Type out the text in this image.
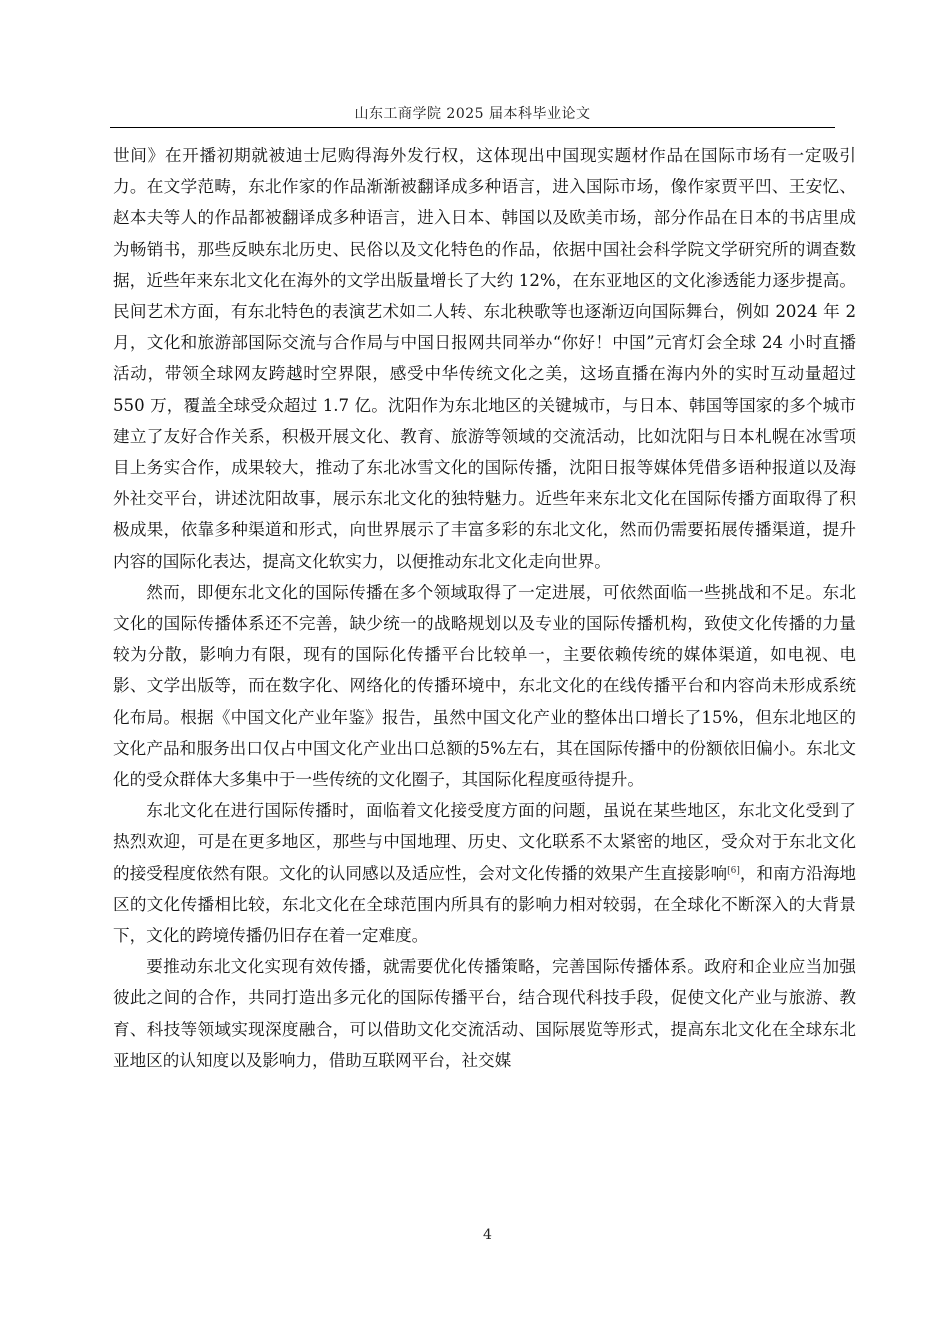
山东工商学院 2025 届本科毕业论文

世间》在开播初期就被迪士尼购得海外发行权，这体现出中国现实题材作品在国际市场有一定吸引力。在文学范畴，东北作家的作品渐渐被翻译成多种语言，进入国际市场，像作家贾平凹、王安忆、赵本夫等人的作品都被翻译成多种语言，进入日本、韩国以及欧美市场，部分作品在日本的书店里成为畅销书，那些反映东北历史、民俗以及文化特色的作品，依据中国社会科学院文学研究所的调查数据，近些年来东北文化在海外的文学出版量增长了大约 12%，在东亚地区的文化渗透能力逐步提高。民间艺术方面，有东北特色的表演艺术如二人转、东北秧歌等也逐渐迈向国际舞台，例如 2024 年 2 月，文化和旅游部国际交流与合作局与中国日报网共同举办“你好！中国”元宵灯会全球 24 小时直播活动，带领全球网友跨越时空界限，感受中华传统文化之美，这场直播在海内外的实时互动量超过 550 万，覆盖全球受众超过 1.7 亿。沈阳作为东北地区的关键城市，与日本、韩国等国家的多个城市建立了友好合作关系，积极开展文化、教育、旅游等领域的交流活动，比如沈阳与日本札幌在冰雪项目上务实合作，成果较大，推动了东北冰雪文化的国际传播，沈阳日报等媒体凭借多语种报道以及海外社交平台，讲述沈阳故事，展示东北文化的独特魅力。近些年来东北文化在国际传播方面取得了积极成果，依靠多种渠道和形式，向世界展示了丰富多彩的东北文化，然而仍需要拓展传播渠道，提升内容的国际化表达，提高文化软实力，以便推动东北文化走向世界。

然而，即便东北文化的国际传播在多个领域取得了一定进展，可依然面临一些挑战和不足。东北文化的国际传播体系还不完善，缺少统一的战略规划以及专业的国际传播机构，致使文化传播的力量较为分散，影响力有限，现有的国际化传播平台比较单一，主要依赖传统的媒体渠道，如电视、电影、文学出版等，而在数字化、网络化的传播环境中，东北文化的在线传播平台和内容尚未形成系统化布局。根据《中国文化产业年鉴》报告，虽然中国文化产业的整体出口增长了15%，但东北地区的文化产品和服务出口仅占中国文化产业出口总额的5%左右，其在国际传播中的份额依旧偏小。东北文化的受众群体大多集中于一些传统的文化圈子，其国际化程度亟待提升。

东北文化在进行国际传播时，面临着文化接受度方面的问题，虽说在某些地区，东北文化受到了热烈欢迎，可是在更多地区，那些与中国地理、历史、文化联系不太紧密的地区，受众对于东北文化的接受程度依然有限。文化的认同感以及适应性，会对文化传播的效果产生直接影响[6]，和南方沿海地区的文化传播相比较，东北文化在全球范围内所具有的影响力相对较弱，在全球化不断深入的大背景下，文化的跨境传播仍旧存在着一定难度。

要推动东北文化实现有效传播，就需要优化传播策略，完善国际传播体系。政府和企业应当加强彼此之间的合作，共同打造出多元化的国际传播平台，结合现代科技手段，促使文化产业与旅游、教育、科技等领域实现深度融合，可以借助文化交流活动、国际展览等形式，提高东北文化在全球东北亚地区的认知度以及影响力，借助互联网平台，社交媒

4
